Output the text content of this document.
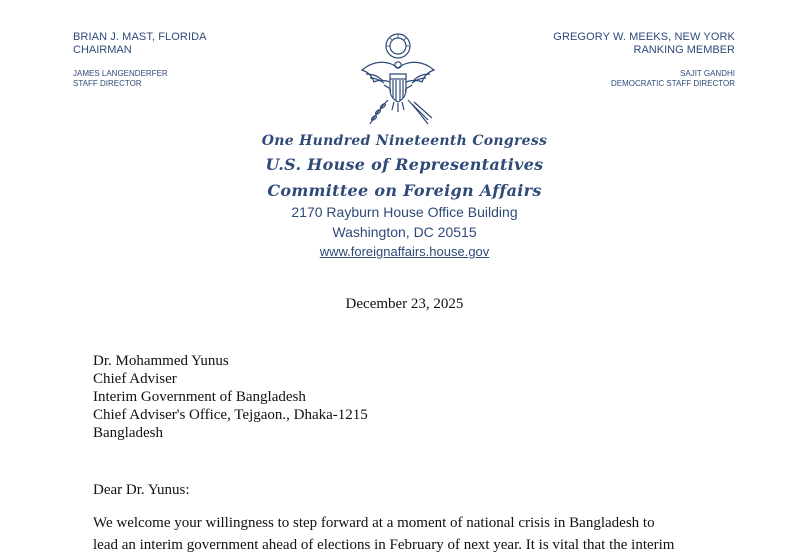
BRIAN J. MAST, FLORIDA
CHAIRMAN
JAMES LANGENDERFER
STAFF DIRECTOR
GREGORY W. MEEKS, NEW YORK
RANKING MEMBER
SAJIT GANDHI
DEMOCRATIC STAFF DIRECTOR
One Hundred Nineteenth Congress
U.S. House of Representatives
Committee on Foreign Affairs
2170 Rayburn House Office Building
Washington, DC 20515
www.foreignaffairs.house.gov
December 23, 2025
Dr. Mohammed Yunus
Chief Adviser
Interim Government of Bangladesh
Chief Adviser's Office, Tejgaon., Dhaka-1215
Bangladesh
Dear Dr. Yunus:
We welcome your willingness to step forward at a moment of national crisis in Bangladesh to
lead an interim government ahead of elections in February of next year. It is vital that the interim
